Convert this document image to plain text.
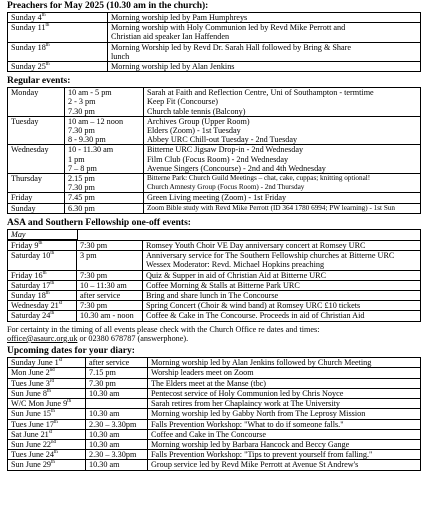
Preachers for May 2025 (10.30 am in the church):
Sunday 4th	Morning worship led by Pam Humphreys
Sunday 11th	Morning worship with Holy Communion led by Revd Mike Perrott and
Christian aid speaker Ian Haffenden
Sunday 18th	Morning Worship led by Revd Dr. Sarah Hall followed by Bring & Share
lunch
Sunday 25th	Morning worship led by Alan Jenkins
Regular events:
Monday	10 am - 5 pm
2 - 3 pm
7.30 pm	Sarah at Faith and Reflection Centre, Uni of Southampton - termtime
Keep Fit (Concourse)
Church table tennis (Balcony)
Tuesday	10 am – 12 noon
7.30 pm
8 - 9.30 pm	Archives Group (Upper Room)
Elders (Zoom) - 1st Tuesday
Abbey URC Chill-out Tuesday - 2nd Tuesday
Wednesday	10 - 11.30 am
1 pm
7 – 8 pm	Bitterne URC Jigsaw Drop-in - 2nd Wednesday
Film Club (Focus Room) - 2nd Wednesday
Avenue Singers (Concourse) - 2nd and 4th Wednesday
Thursday	2.15 pm
7.30 pm	Bitterne Park: Church Guild Meetings – chat, cake, cuppas; knitting optional!
Church Amnesty Group (Focus Room) - 2nd Thursday
Friday	7.45 pm	Green Living meeting (Zoom) - 1st Friday
Sunday	6.30 pm	Zoom Bible study with Revd Mike Perrott (ID 364 1780 6994; PW learning) - 1st Sun
ASA and Southern Fellowship one-off events:
May		
Friday 9th	7:30 pm	Romsey Youth Choir VE Day anniversary concert at Romsey URC
Saturday 10th	3 pm	Anniversary service for The Southern Fellowship churches at Bitterne URC
Wessex Moderator: Revd. Michael Hopkins preaching
Friday 16th	7:30 pm	Quiz & Supper in aid of Christian Aid at Bitterne URC
Saturday 17th	10 – 11:30 am	Coffee Morning & Stalls at Bitterne Park URC
Sunday 18th	after service	Bring and share lunch in The Concourse
Wednesday 21st	7:30 pm	Spring Concert (Choir & wind band) at Romsey URC £10 tickets
Saturday 24th	10.30 am - noon	Coffee & Cake in The Concourse. Proceeds in aid of Christian Aid
For certainty in the timing of all events please check with the Church Office re dates and times:
office@asaurc.org.uk or 02380 678787 (answerphone).
Upcoming dates for your diary:
Sunday June 1st	after service	Morning worship led by Alan Jenkins followed by Church Meeting
Mon June 2nd	7.15 pm	Worship leaders meet on Zoom
Tues June 3rd	7.30 pm	The Elders meet at the Manse (tbc)
Sun June 8th	10.30 am	Pentecost service of Holy Communion led by Chris Noyce
W/C Mon June 9th		Sarah retires from her Chaplaincy work at The University
Sun June 15th	10.30 am	Morning worship led by Gabby North from The Leprosy Mission
Tues June 17th	2.30 – 3.30pm	Falls Prevention Workshop: "What to do if someone falls."
Sat June 21st	10.30 am	Coffee and Cake in The Concourse
Sun June 22nd	10.30 am	Morning worship led by Barbara Hancock and Beccy Gange
Tues June 24th	2.30 – 3.30pm	Falls Prevention Workshop: "Tips to prevent yourself from falling."
Sun June 29th	10.30 am	Group service led by Revd Mike Perrott at Avenue St Andrew's
